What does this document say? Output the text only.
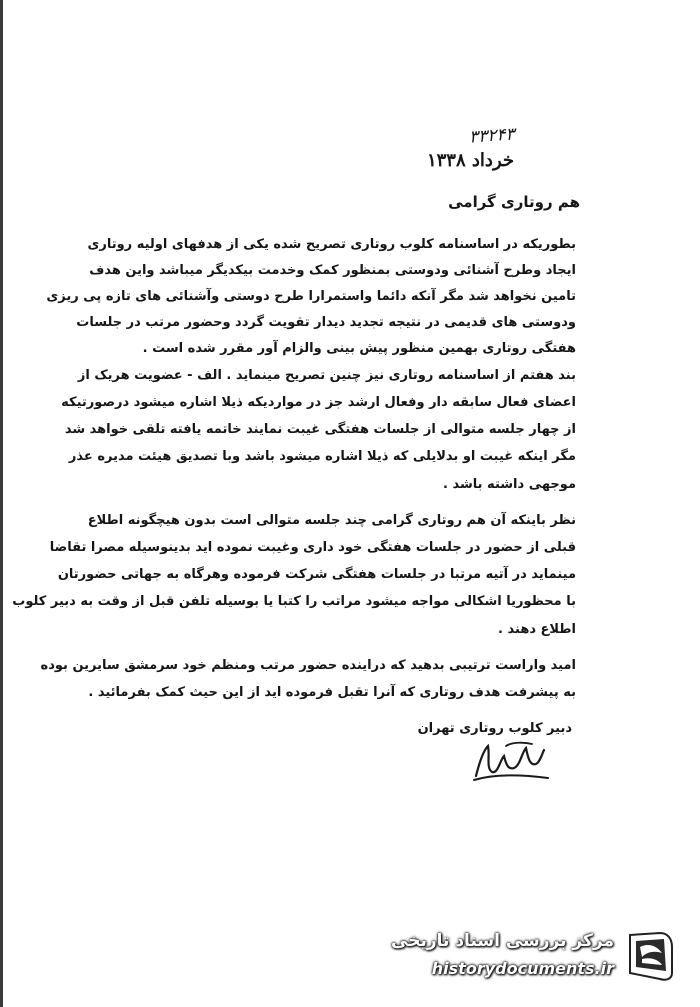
۳۳۲۴۳
خرداد ۱۳۳۸
هم روتاری گرامی
بطوریکه در اساسنامه کلوب روتاری تصریح شده یکی از هدفهای اولیه روتاری
ایجاد وطرح آشنائی ودوستی بمنظور کمک وخدمت بیکدیگر میباشد واین هدف
تامین نخواهد شد مگر آنکه دائما واستمرارا طرح دوستی وآشنائی های تازه پی ریزی
ودوستی های قدیمی در نتیجه تجدید دیدار تقویت گردد وحضور مرتب در جلسات
هفتگی روتاری بهمین منظور پیش بینی والزام آور مقرر شده است .
بند هفتم از اساسنامه روتاری نیز چنین تصریح مینماید . الف - عضویت هریک از
اعضای فعال سابقه دار وفعال ارشد جز در مواردیکه ذیلا اشاره میشود درصورتیکه
از چهار جلسه متوالی از جلسات هفتگی غیبت نمایند خاتمه یافته تلقی خواهد شد
مگر اینکه غیبت او بدلایلی که ذیلا اشاره میشود باشد وبا تصدیق هیئت مدیره عذر
موجهی داشته باشد .
نظر باینکه آن هم روتاری گرامی چند جلسه متوالی است بدون هیچگونه اطلاع
قبلی از حضور در جلسات هفتگی خود داری وغیبت نموده اید بدینوسیله مصرا تقاضا
مینماید در آتیه مرتبا در جلسات هفتگی شرکت فرموده وهرگاه به جهاتی حضورتان
با محظوریا اشکالی مواجه میشود مراتب را کتبا یا بوسیله تلفن قبل از وقت به دبیر کلوب
اطلاع دهند .
امید واراست ترتیبی بدهید که دراینده حضور مرتب ومنظم خود سرمشق سایرین بوده
به پیشرفت هدف روتاری که آنرا تقبل فرموده اید از این حیث کمک بفرمائید .
دبیر کلوب روتاری تهران
مرکز بررسی اسناد تاریخی
historydocuments.ir
